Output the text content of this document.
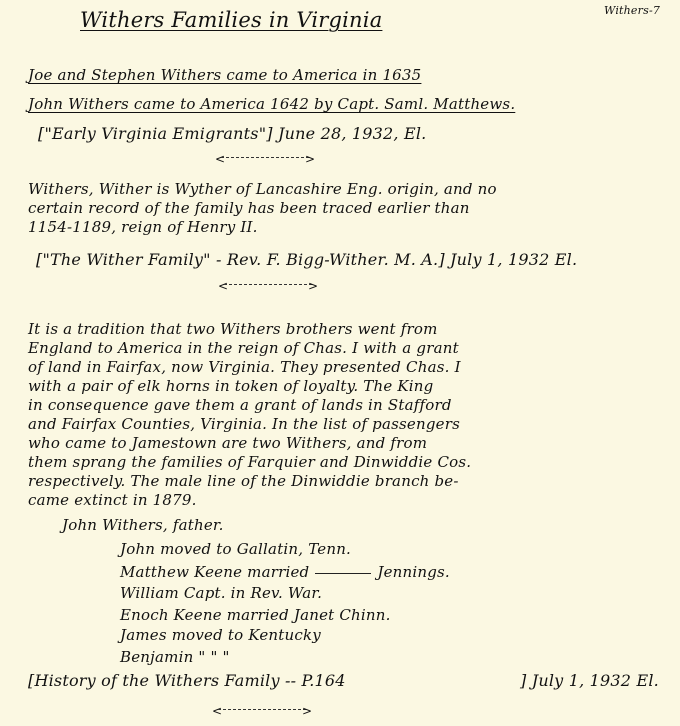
Withers-7
Withers Families in Virginia
Joe and Stephen Withers came to America in 1635
John Withers came to America 1642 by Capt. Saml. Matthews.
["Early Virginia Emigrants"] June 28, 1932, El.
<	>
Withers, Wither is Wyther of Lancashire Eng. origin, and no
certain record of the family has been traced earlier than
1154-1189, reign of Henry II.
["The Wither Family" - Rev. F. Bigg-Wither. M. A.] July 1, 1932 El.
<	>
It is a tradition that two Withers brothers went from
England to America in the reign of Chas. I with a grant
of land in Fairfax, now Virginia. They presented Chas. I
with a pair of elk horns in token of loyalty. The King
in consequence gave them a grant of lands in Stafford
and Fairfax Counties, Virginia. In the list of passengers
who came to Jamestown are two Withers, and from
them sprang the families of Farquier and Dinwiddie Cos.
respectively. The male line of the Dinwiddie branch be-
came extinct in 1879.
John Withers, father.
John moved to Gallatin, Tenn.
Matthew Keene married	Jennings.
William Capt. in Rev. War.
Enoch Keene married Janet Chinn.
James moved to Kentucky
Benjamin " " "
[History of the Withers Family -- P.164	] July 1, 1932 El.
<	>
